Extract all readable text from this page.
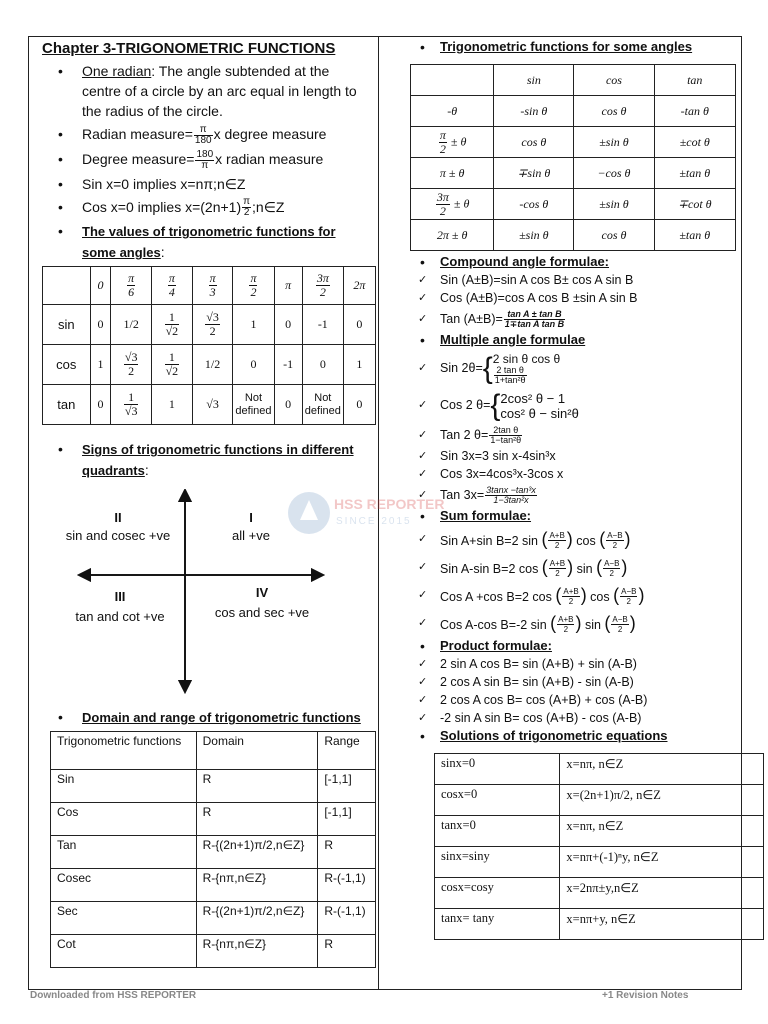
Chapter 3-TRIGONOMETRIC FUNCTIONS
• One radian: The angle subtended at the centre of a circle by an arc equal in length to the radius of the circle.
• Radian measure= $\frac{\pi}{180}$ x degree measure
• Degree measure= $\frac{180}{\pi}$ x radian measure
• Sin x=0 implies x=nπ;n∈Z
• Cos x=0 implies $x=(2n+1) \frac{\pi}{2}$ ;n∈Z
• The values of trigonometric functions for some angles:
	0	$\frac{\pi}{6}$	$\frac{\pi}{4}$	$\frac{\pi}{3}$	$\frac{\pi}{2}$	π	$\frac{3\pi}{2}$	2π
sin	0	1/2	$\frac{1}{√2}$	$\frac{√3}{2}$	1	0	-1	0
cos	1	$\frac{√3}{2}$	$\frac{1}{√2}$	1/2	0	-1	0	1
tan	0	$\frac{1}{√3}$	1	√3	Not defined	0	Not defined	0
• Signs of trigonometric functions in different quadrants:
II
sin and cosec +ve
I
all +ve
III
tan and cot +ve
IV
cos and sec +ve
• Domain and range of trigonometric functions
Trigonometric functions	Domain	Range
Sin	R	[-1,1]
Cos	R	[-1,1]
Tan	R-{(2n+1)π/2,n∈Z}	R
Cosec	R-{nπ,n∈Z}	R-(-1,1)
Sec	R-{(2n+1)π/2,n∈Z}	R-(-1,1)
Cot	R-{nπ,n∈Z}	R
• Trigonometric functions for some angles
	sin	cos	tan
-θ	-sin θ	cos θ	-tan θ

$\frac{\pi}{2} \pm \theta$	cos θ	±sin θ	±cot θ
π ± θ	∓sin θ	−cos θ	±tan θ

$\frac{3\pi}{2} \pm \theta$	-cos θ	±sin θ	∓cot θ
2π ± θ	±sin θ	cos θ	±tan θ
• Compound angle formulae:
✓ Sin (A±B)=sin A cos B± cos A sin B
✓ Cos (A±B)=cos A cos B ±sin A sin B
✓ Tan $(A\pm B)= \frac{\text{tan A ± tan B}}{\text{1∓tan A tan B}}$
• Multiple angle formulae
✓ Sin 2θ={ 2 sin θ cos θ
$\frac{\text{2 tan θ}}{\text{1+tan²θ}}$
✓ Cos 2 θ={ 2cos² θ − 1
cos² θ − sin²θ
✓ Tan 2 $\theta= \frac{\text{2tan θ}}{\text{1−tan²θ}}$
✓ Sin 3x=3 sin x-4sin³x
✓ Cos 3x=4cos³x-3cos x
✓ Tan $3x= \frac{\text{3tanx −tan³x}}{\text{1−3tan²x}}$
• Sum formulae:
✓ Sin A+sin B=2 sin ( $\frac{A+B}{2}$ ) cos ( $\frac{A-B}{2}$ )
✓ Sin A-sin B=2 cos ( $\frac{A+B}{2}$ ) sin ( $\frac{A-B}{2}$ )
✓ Cos A +cos B=2 cos ( $\frac{A+B}{2}$ ) cos ( $\frac{A-B}{2}$ )
✓ Cos A-cos B=-2 sin ( $\frac{A+B}{2}$ ) sin ( $\frac{A-B}{2}$ )
• Product formulae:
✓ 2 sin A cos B= sin (A+B) + sin (A-B)
✓ 2 cos A sin B= sin (A+B) - sin (A-B)
✓ 2 cos A cos B= cos (A+B) + cos (A-B)
✓ -2 sin A sin B= cos (A+B) - cos (A-B)
• Solutions of trigonometric equations
sinx=0	x=nπ, n∈Z
cosx=0	x=(2n+1)π/2, n∈Z
tanx=0	x=nπ, n∈Z
sinx=siny	x=nπ+(-1)ⁿy, n∈Z
cosx=cosy	x=2nπ±y,n∈Z
tanx= tany	x=nπ+y, n∈Z
HSS REPORTER
SINCE 2015
Downloaded from HSS REPORTER	+1 Revision Notes
